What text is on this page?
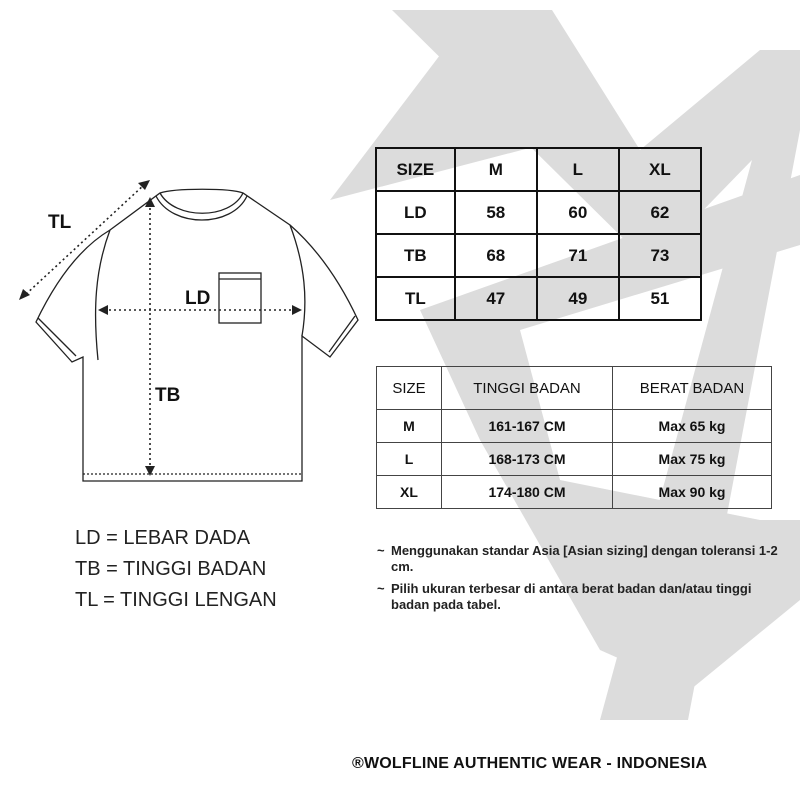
TL
LD
TB
SIZE	M	L	XL
LD	58	60	62
TB	68	71	73
TL	47	49	51
SIZE	TINGGI BADAN	BERAT BADAN
M	161-167 CM	Max 65 kg
L	168-173 CM	Max 75 kg
XL	174-180 CM	Max 90 kg
LD = LEBAR DADA
TB = TINGGI BADAN
TL = TINGGI LENGAN
~ Menggunakan standar Asia [Asian sizing] dengan toleransi 1-2 cm.
~ Pilih ukuran terbesar di antara berat badan dan/atau tinggi badan pada tabel.
®WOLFLINE AUTHENTIC WEAR - INDONESIA
